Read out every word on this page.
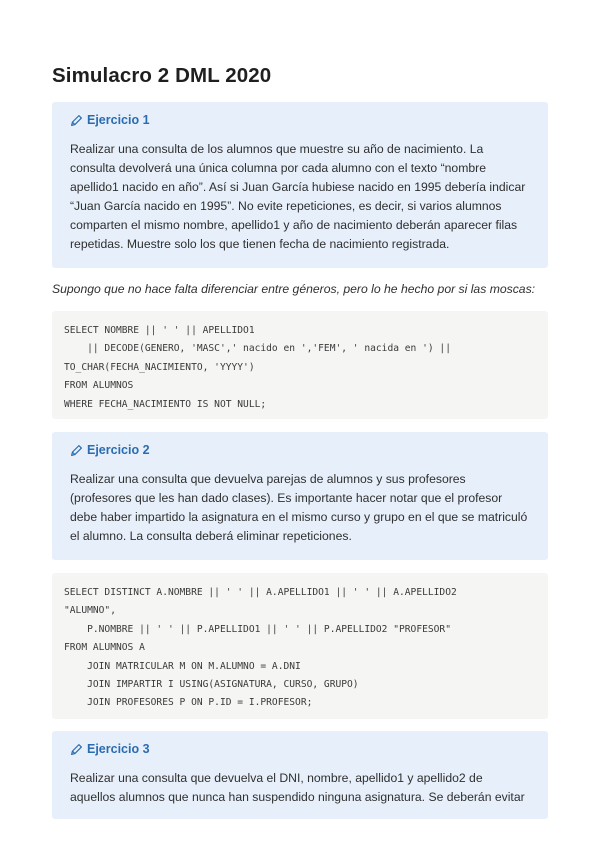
Simulacro 2 DML 2020
Ejercicio 1
Realizar una consulta de los alumnos que muestre su año de nacimiento. La consulta devolverá una única columna por cada alumno con el texto “nombre apellido1 nacido en año”. Así si Juan García hubiese nacido en 1995 debería indicar “Juan García nacido en 1995”. No evite repeticiones, es decir, si varios alumnos comparten el mismo nombre, apellido1 y año de nacimiento deberán aparecer filas repetidas. Muestre solo los que tienen fecha de nacimiento registrada.
Supongo que no hace falta diferenciar entre géneros, pero lo he hecho por si las moscas:
SELECT NOMBRE || ' ' || APELLIDO1
|| DECODE(GENERO, 'MASC',' nacido en ','FEM', ' nacida en ') ||
TO_CHAR(FECHA_NACIMIENTO, 'YYYY')
FROM ALUMNOS
WHERE FECHA_NACIMIENTO IS NOT NULL;
Ejercicio 2
Realizar una consulta que devuelva parejas de alumnos y sus profesores (profesores que les han dado clases). Es importante hacer notar que el profesor debe haber impartido la asignatura en el mismo curso y grupo en el que se matriculó el alumno. La consulta deberá eliminar repeticiones.
SELECT DISTINCT A.NOMBRE || ' ' || A.APELLIDO1 || ' ' || A.APELLIDO2
"ALUMNO",
P.NOMBRE || ' ' || P.APELLIDO1 || ' ' || P.APELLIDO2 "PROFESOR"
FROM ALUMNOS A
JOIN MATRICULAR M ON M.ALUMNO = A.DNI
JOIN IMPARTIR I USING(ASIGNATURA, CURSO, GRUPO)
JOIN PROFESORES P ON P.ID = I.PROFESOR;
Ejercicio 3
Realizar una consulta que devuelva el DNI, nombre, apellido1 y apellido2 de aquellos alumnos que nunca han suspendido ninguna asignatura. Se deberán evitar
